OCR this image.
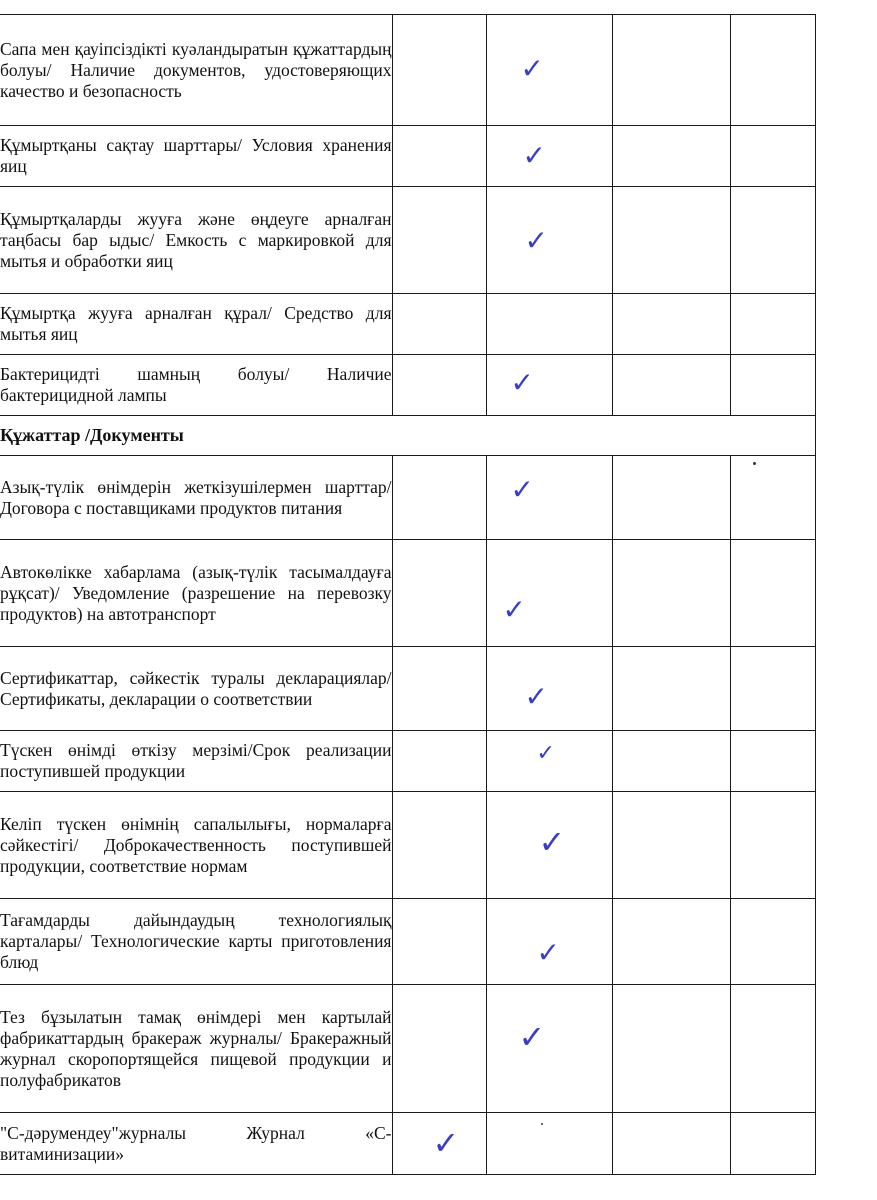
Сапа мен қауіпсіздікті куәландыратын құжаттардың болуы/ Наличие документов, удостоверяющих качество и безопасность		✓		

Құмыртқаны сақтау шарттары/ Условия хранения яиц		✓		

Құмыртқаларды жууға және өңдеуге арналған таңбасы бар ыдыс/ Емкость с маркировкой для мытья и обработки яиц		✓		

Құмыртқа жууға арналған құрал/ Средство для мытья яиц				

Бактерицидті шамның болуы/ Наличие бактерицидной лампы		✓		

Құжаттар /Документы				

Азық-түлік өнімдерін жеткізушілермен шарттар/ Договора с поставщиками продуктов питания		✓		

Автокөлікке хабарлама (азық-түлік тасымалдауға рұқсат)/ Уведомление (разрешение на перевозку продуктов) на автотранспорт		✓		

Сертификаттар, сәйкестік туралы декларациялар/Сертификаты, декларации о соответствии		✓		

Түскен өнімді өткізу мерзімі/Срок реализации поступившей продукции		✓		

Келіп түскен өнімнің сапалылығы, нормаларға сәйкестігі/ Доброкачественность поступившей продукции, соответствие нормам		✓		

Тағамдарды дайындаудың технологиялық карталары/ Технологические карты приготовления блюд		✓		

Тез бұзылатын тамақ өнімдері мен картылай фабрикаттардың бракераж журналы/ Бракеражный журнал скоропортящейся пищевой продукции и полуфабрикатов		✓		

"С-дәрумендеу"журналы Журнал «С-витаминизации»	✓			
